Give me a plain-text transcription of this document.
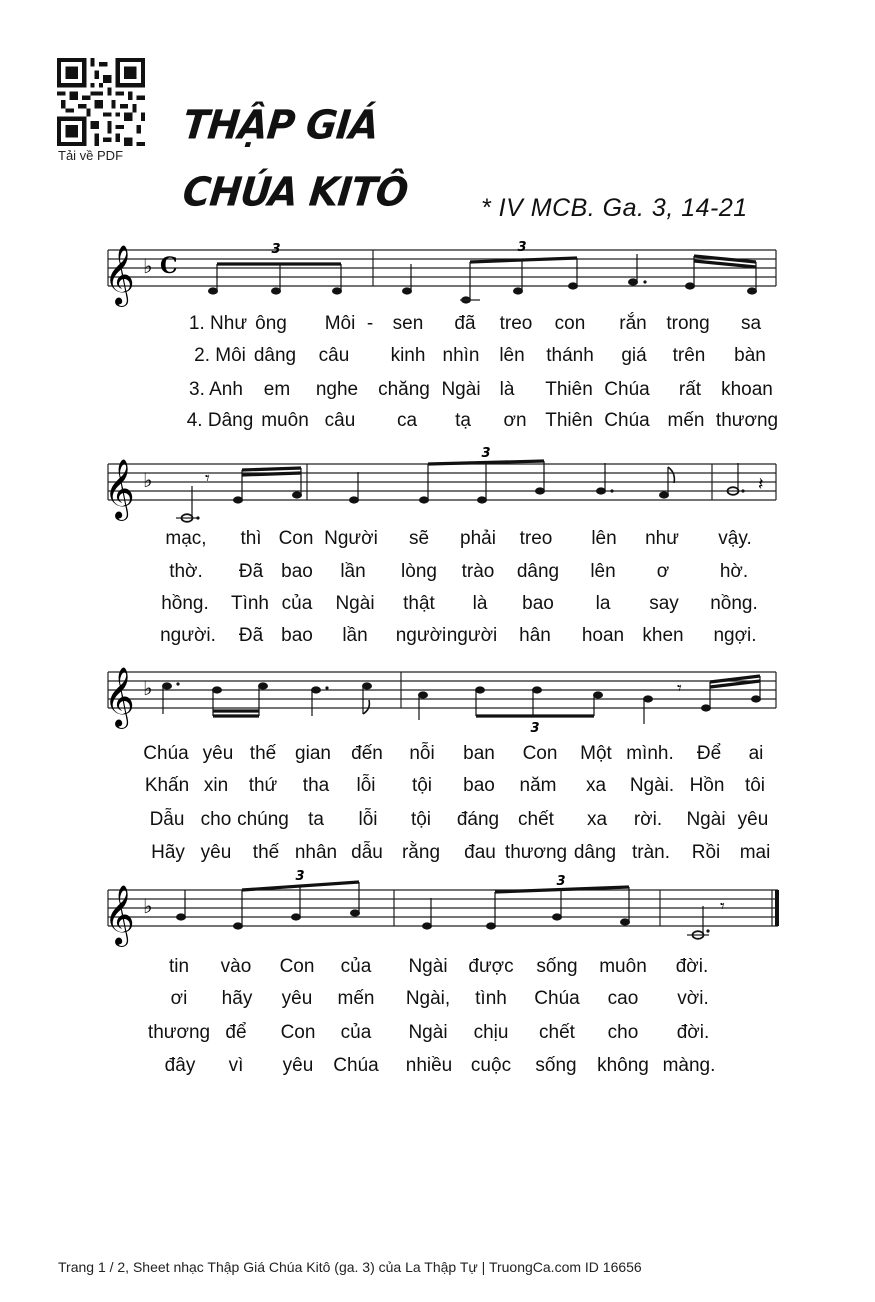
Tải về PDF
THẬP GIÁ
CHÚA KITÔ	* IV MCB. Ga. 3, 14-21
𝄞 ♭ C
3	3
1. Như ông Môi - sen đã treo con rắn trong sa
2. Môi dâng câu kinh nhìn lên thánh giá trên bàn
3. Anh em nghe chăng Ngài là Thiên Chúa rất khoan
4. Dâng muôn câu ca tạ ơn Thiên Chúa mến thương
𝄞 ♭	𝄾	𝄽
3
mạc, thì Con Người sẽ phải treo lên như vậy.
thờ. Đã bao lần lòng trào dâng lên ơ	hờ.
hồng. Tình của Ngài thật là bao la say nồng.
người. Đã bao lần người người hân hoan khen ngợi.
𝄞 ♭	𝄾
3
Chúa yêu thế gian đến nỗi ban Con Một mình. Để ai
Khấn xin thứ tha lỗi tội bao năm xa Ngài. Hồn tôi
Dẫu cho chúng ta lỗi tội đáng chết xa rời. Ngài yêu
Hãy yêu thế nhân dẫu rằng đau thương dâng tràn. Rồi mai
𝄞 ♭	𝄾
3	3
tin vào Con của Ngài được sống muôn đời.
ơi hãy yêu mến Ngài, tình Chúa cao vời.
thương để Con của Ngài chịu chết cho đời.
đây vì yêu Chúa nhiều cuộc sống không màng.
Trang 1 / 2, Sheet nhạc Thập Giá Chúa Kitô (ga. 3) của La Thập Tự | TruongCa.com ID 16656
